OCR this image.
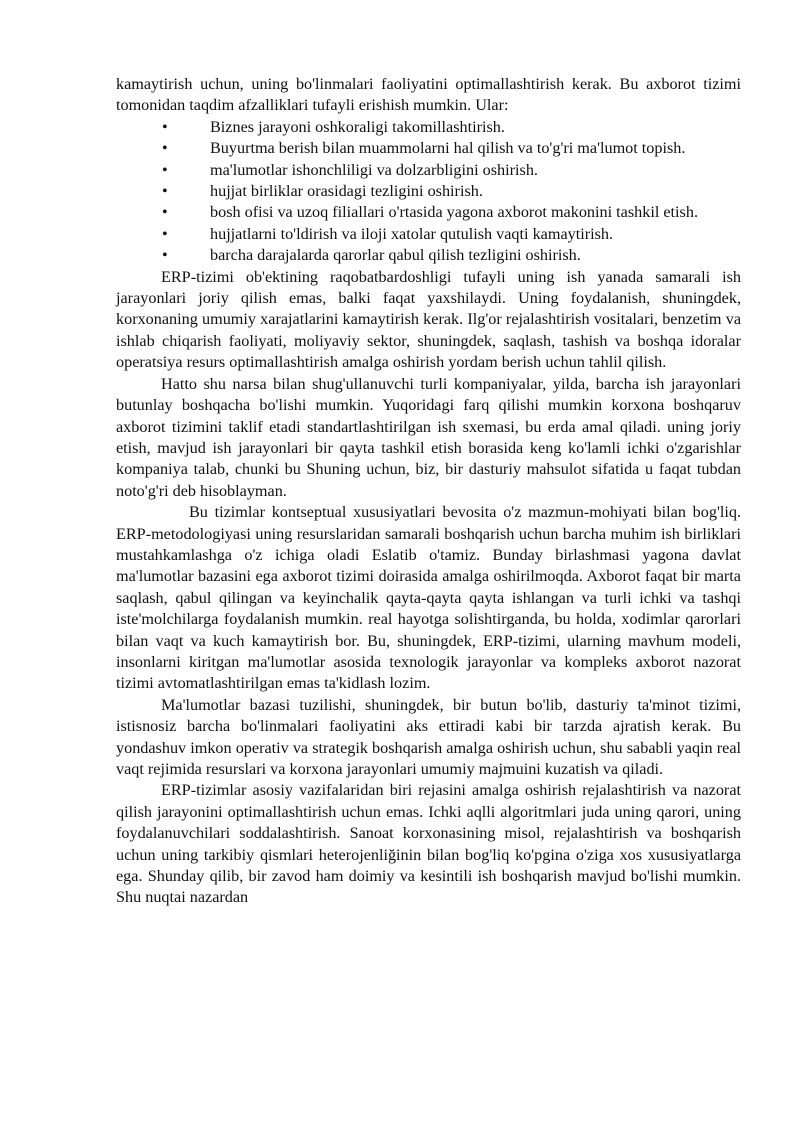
kamaytirish uchun, uning bo'linmalari faoliyatini optimallashtirish kerak. Bu axborot tizimi tomonidan taqdim afzalliklari tufayli erishish mumkin. Ular:

•	Biznes jarayoni oshkoraligi takomillashtirish.
•	Buyurtma berish bilan muammolarni hal qilish va to'g'ri ma'lumot topish.
•	ma'lumotlar ishonchliligi va dolzarbligini oshirish.
•	hujjat birliklar orasidagi tezligini oshirish.
•	bosh ofisi va uzoq filiallari o'rtasida yagona axborot makonini tashkil etish.
•	hujjatlarni to'ldirish va iloji xatolar qutulish vaqti kamaytirish.
•	barcha darajalarda qarorlar qabul qilish tezligini oshirish.

ERP-tizimi ob'ektining raqobatbardoshligi tufayli uning ish yanada samarali ish jarayonlari joriy qilish emas, balki faqat yaxshilaydi. Uning foydalanish, shuningdek, korxonaning umumiy xarajatlarini kamaytirish kerak. Ilg'or rejalashtirish vositalari, benzetim va ishlab chiqarish faoliyati, moliyaviy sektor, shuningdek, saqlash, tashish va boshqa idoralar operatsiya resurs optimallashtirish amalga oshirish yordam berish uchun tahlil qilish.

Hatto shu narsa bilan shug'ullanuvchi turli kompaniyalar, yilda, barcha ish jarayonlari butunlay boshqacha bo'lishi mumkin. Yuqoridagi farq qilishi mumkin korxona boshqaruv axborot tizimini taklif etadi standartlashtirilgan ish sxemasi, bu erda amal qiladi. uning joriy etish, mavjud ish jarayonlari bir qayta tashkil etish borasida keng ko'lamli ichki o'zgarishlar kompaniya talab, chunki bu Shuning uchun, biz, bir dasturiy mahsulot sifatida u faqat tubdan noto'g'ri deb hisoblayman.

Bu tizimlar kontseptual xususiyatlari bevosita o'z mazmun-mohiyati bilan bog'liq. ERP-metodologiyasi uning resurslaridan samarali boshqarish uchun barcha muhim ish birliklari mustahkamlashga o'z ichiga oladi Eslatib o'tamiz. Bunday birlashmasi yagona davlat ma'lumotlar bazasini ega axborot tizimi doirasida amalga oshirilmoqda. Axborot faqat bir marta saqlash, qabul qilingan va keyinchalik qayta-qayta qayta ishlangan va turli ichki va tashqi iste'molchilarga foydalanish mumkin. real hayotga solishtirganda, bu holda, xodimlar qarorlari bilan vaqt va kuch kamaytirish bor. Bu, shuningdek, ERP-tizimi, ularning mavhum modeli, insonlarni kiritgan ma'lumotlar asosida texnologik jarayonlar va kompleks axborot nazorat tizimi avtomatlashtirilgan emas ta'kidlash lozim.

Ma'lumotlar bazasi tuzilishi, shuningdek, bir butun bo'lib, dasturiy ta'minot tizimi, istisnosiz barcha bo'linmalari faoliyatini aks ettiradi kabi bir tarzda ajratish kerak. Bu yondashuv imkon operativ va strategik boshqarish amalga oshirish uchun, shu sababli yaqin real vaqt rejimida resurslari va korxona jarayonlari umumiy majmuini kuzatish va qiladi.

ERP-tizimlar asosiy vazifalaridan biri rejasini amalga oshirish rejalashtirish va nazorat qilish jarayonini optimallashtirish uchun emas. Ichki aqlli algoritmlari juda uning qarori, uning foydalanuvchilari soddalashtirish. Sanoat korxonasining misol, rejalashtirish va boshqarish uchun uning tarkibiy qismlari heterojenliğinin bilan bog'liq ko'pgina o'ziga xos xususiyatlarga ega. Shunday qilib, bir zavod ham doimiy va kesintili ish boshqarish mavjud bo'lishi mumkin. Shu nuqtai nazardan
